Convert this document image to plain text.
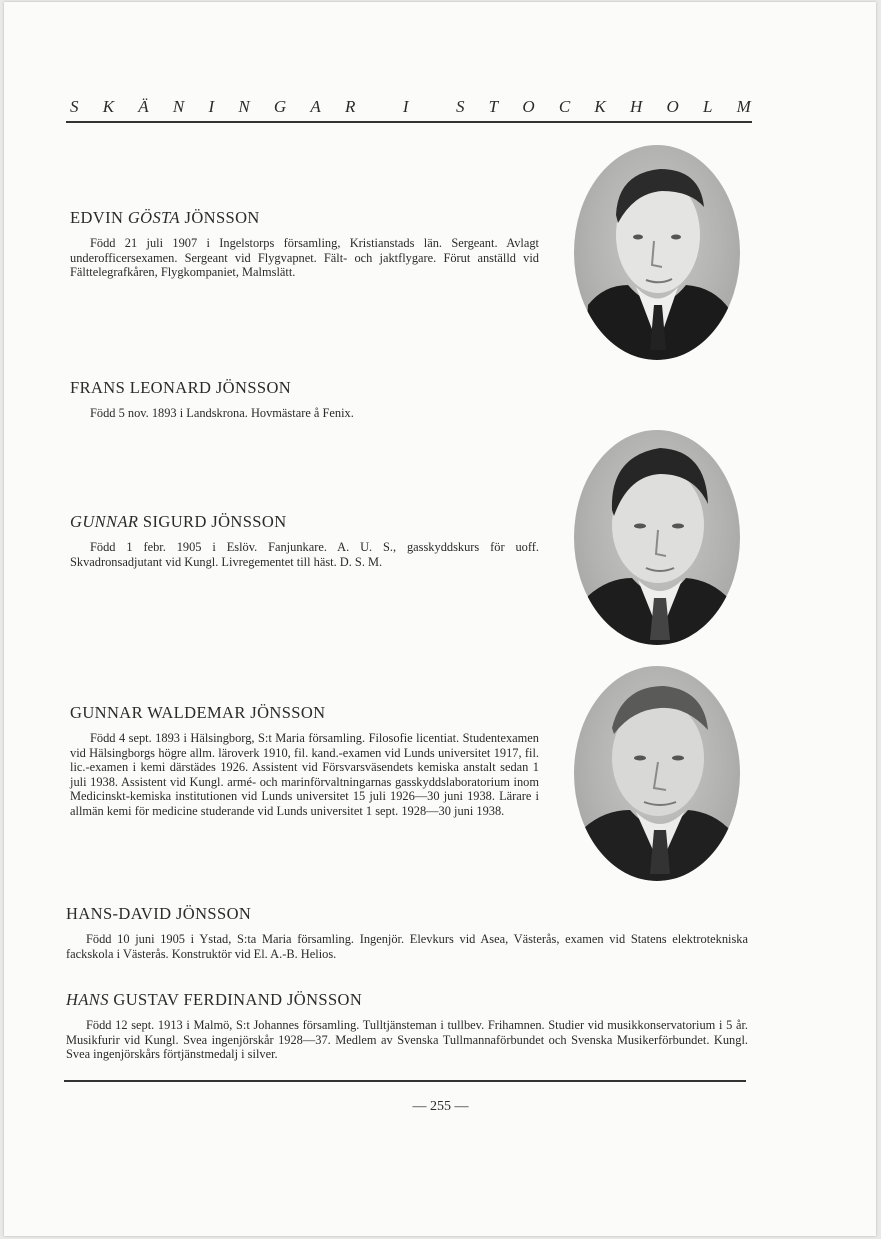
S K Ä N I N G A R	I	S T O C K H O L M
EDVIN GÖSTA JÖNSSON
Född 21 juli 1907 i Ingelstorps församling, Kristianstads län. Sergeant. Avlagt underofficersexamen. Sergeant vid Flygvapnet. Fält- och jaktflygare. Förut anställd vid Fälttelegrafkåren, Flygkompaniet, Malmslätt.
FRANS LEONARD JÖNSSON
Född 5 nov. 1893 i Landskrona. Hovmästare å Fenix.
GUNNAR SIGURD JÖNSSON
Född 1 febr. 1905 i Eslöv. Fanjunkare. A. U. S., gasskyddskurs för uoff. Skvadronsadjutant vid Kungl. Livregementet till häst. D. S. M.
GUNNAR WALDEMAR JÖNSSON
Född 4 sept. 1893 i Hälsingborg, S:t Maria församling. Filosofie licentiat. Studentexamen vid Hälsingborgs högre allm. läroverk 1910, fil. kand.-examen vid Lunds universitet 1917, fil. lic.-examen i kemi därstädes 1926. Assistent vid Försvarsväsendets kemiska anstalt sedan 1 juli 1938. Assistent vid Kungl. armé- och marinförvaltningarnas gasskyddslaboratorium inom Medicinskt-kemiska institutionen vid Lunds universitet 15 juli 1926—30 juni 1938. Lärare i allmän kemi för medicine studerande vid Lunds universitet 1 sept. 1928—30 juni 1938.
HANS-DAVID JÖNSSON
Född 10 juni 1905 i Ystad, S:ta Maria församling. Ingenjör. Elevkurs vid Asea, Västerås, examen vid Statens elektrotekniska fackskola i Västerås. Konstruktör vid El. A.-B. Helios.
HANS GUSTAV FERDINAND JÖNSSON
Född 12 sept. 1913 i Malmö, S:t Johannes församling. Tulltjänsteman i tullbev. Frihamnen. Studier vid musikkonservatorium i 5 år. Musikfurir vid Kungl. Svea ingenjörskår 1928—37. Medlem av Svenska Tullmannaförbundet och Svenska Musikerförbundet. Kungl. Svea ingenjörskårs förtjänstmedalj i silver.
— 255 —
